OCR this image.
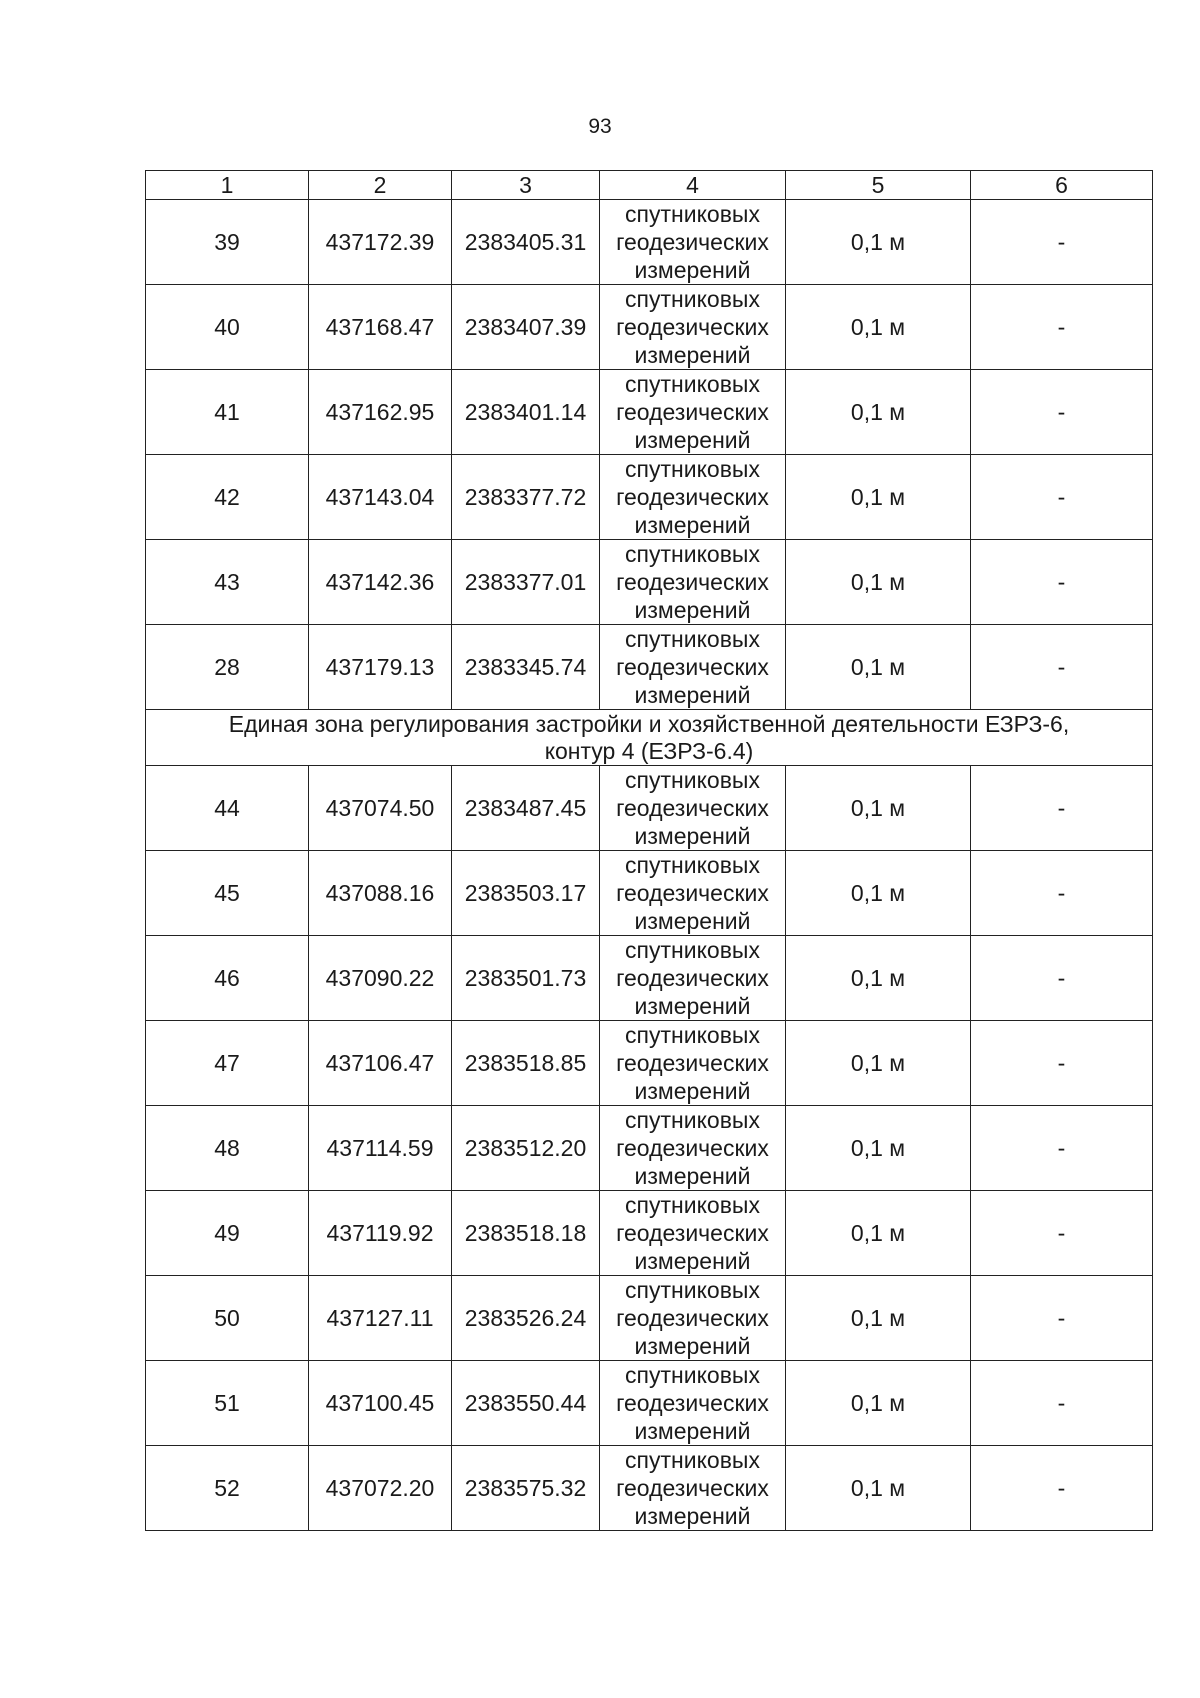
93
1	2	3	4	5	6
39	437172.39	2383405.31	спутниковых геодезических измерений	0,1 м	-
40	437168.47	2383407.39	спутниковых геодезических измерений	0,1 м	-
41	437162.95	2383401.14	спутниковых геодезических измерений	0,1 м	-
42	437143.04	2383377.72	спутниковых геодезических измерений	0,1 м	-
43	437142.36	2383377.01	спутниковых геодезических измерений	0,1 м	-
28	437179.13	2383345.74	спутниковых геодезических измерений	0,1 м	-

Единая зона регулирования застройки и хозяйственной деятельности ЕЗРЗ-6,
контур 4 (ЕЗРЗ-6.4)					

44	437074.50	2383487.45	спутниковых геодезических измерений	0,1 м	-
45	437088.16	2383503.17	спутниковых геодезических измерений	0,1 м	-
46	437090.22	2383501.73	спутниковых геодезических измерений	0,1 м	-
47	437106.47	2383518.85	спутниковых геодезических измерений	0,1 м	-
48	437114.59	2383512.20	спутниковых геодезических измерений	0,1 м	-
49	437119.92	2383518.18	спутниковых геодезических измерений	0,1 м	-
50	437127.11	2383526.24	спутниковых геодезических измерений	0,1 м	-
51	437100.45	2383550.44	спутниковых геодезических измерений	0,1 м	-
52	437072.20	2383575.32	спутниковых геодезических измерений	0,1 м	-
